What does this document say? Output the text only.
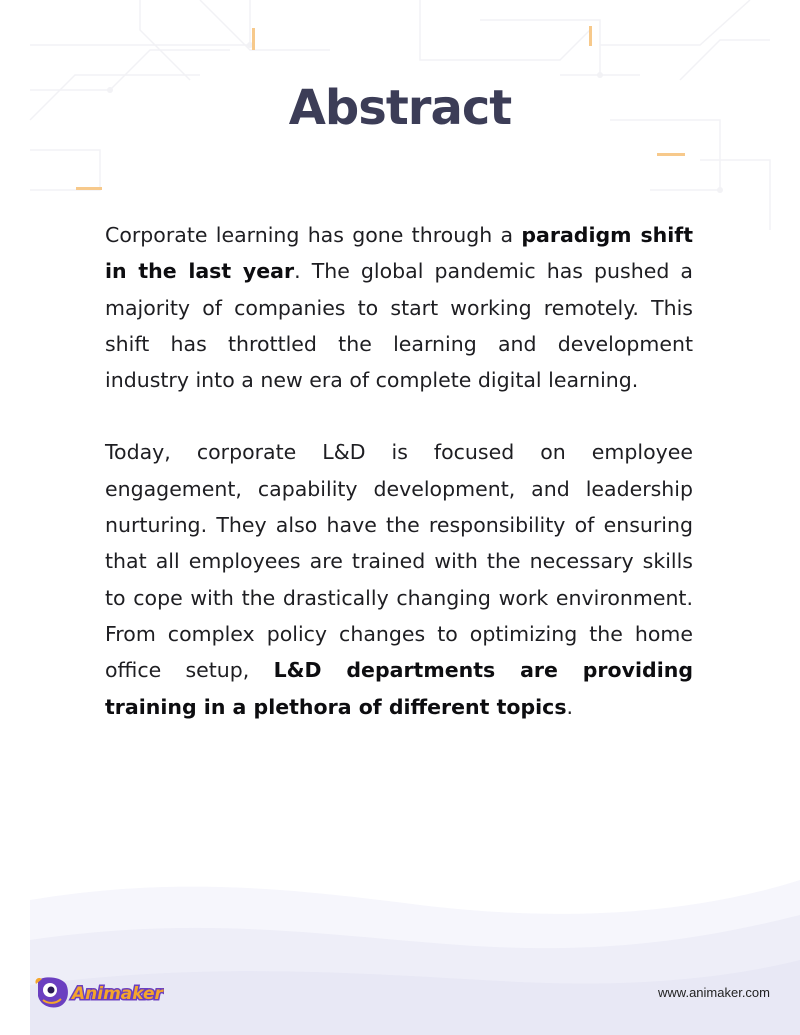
Abstract

Corporate learning has gone through a paradigm shift in the last year. The global pandemic has pushed a majority of companies to start working remotely. This shift has throttled the learning and development industry into a new era of complete digital learning.

Today, corporate L&D is focused on employee engagement, capability development, and leadership nurturing. They also have the responsibility of ensuring that all employees are trained with the necessary skills to cope with the drastically changing work environment. From complex policy changes to optimizing the home office setup, L&D departments are providing training in a plethora of different topics.

Animaker	www.animaker.com
